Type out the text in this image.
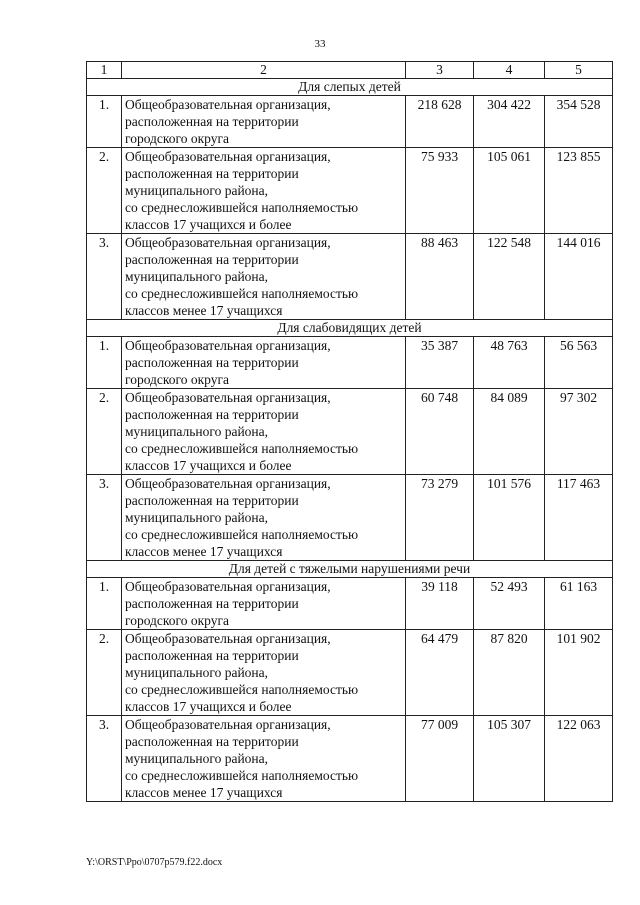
33
1	2	3	4	5
Для слепых детей				
1.	Общеобразовательная организация,
расположенная на территории
городского округа	218 628	304 422	354 528
2.	Общеобразовательная организация,
расположенная на территории
муниципального района,
со среднесложившейся наполняемостью
классов 17 учащихся и более	75 933	105 061	123 855
3.	Общеобразовательная организация,
расположенная на территории
муниципального района,
со среднесложившейся наполняемостью
классов менее 17 учащихся	88 463	122 548	144 016
Для слабовидящих детей				
1.	Общеобразовательная организация,
расположенная на территории
городского округа	35 387	48 763	56 563
2.	Общеобразовательная организация,
расположенная на территории
муниципального района,
со среднесложившейся наполняемостью
классов 17 учащихся и более	60 748	84 089	97 302
3.	Общеобразовательная организация,
расположенная на территории
муниципального района,
со среднесложившейся наполняемостью
классов менее 17 учащихся	73 279	101 576	117 463
Для детей с тяжелыми нарушениями речи				
1.	Общеобразовательная организация,
расположенная на территории
городского округа	39 118	52 493	61 163
2.	Общеобразовательная организация,
расположенная на территории
муниципального района,
со среднесложившейся наполняемостью
классов 17 учащихся и более	64 479	87 820	101 902
3.	Общеобразовательная организация,
расположенная на территории
муниципального района,
со среднесложившейся наполняемостью
классов менее 17 учащихся	77 009	105 307	122 063
Y:\ORST\Ppo\0707p579.f22.docx
